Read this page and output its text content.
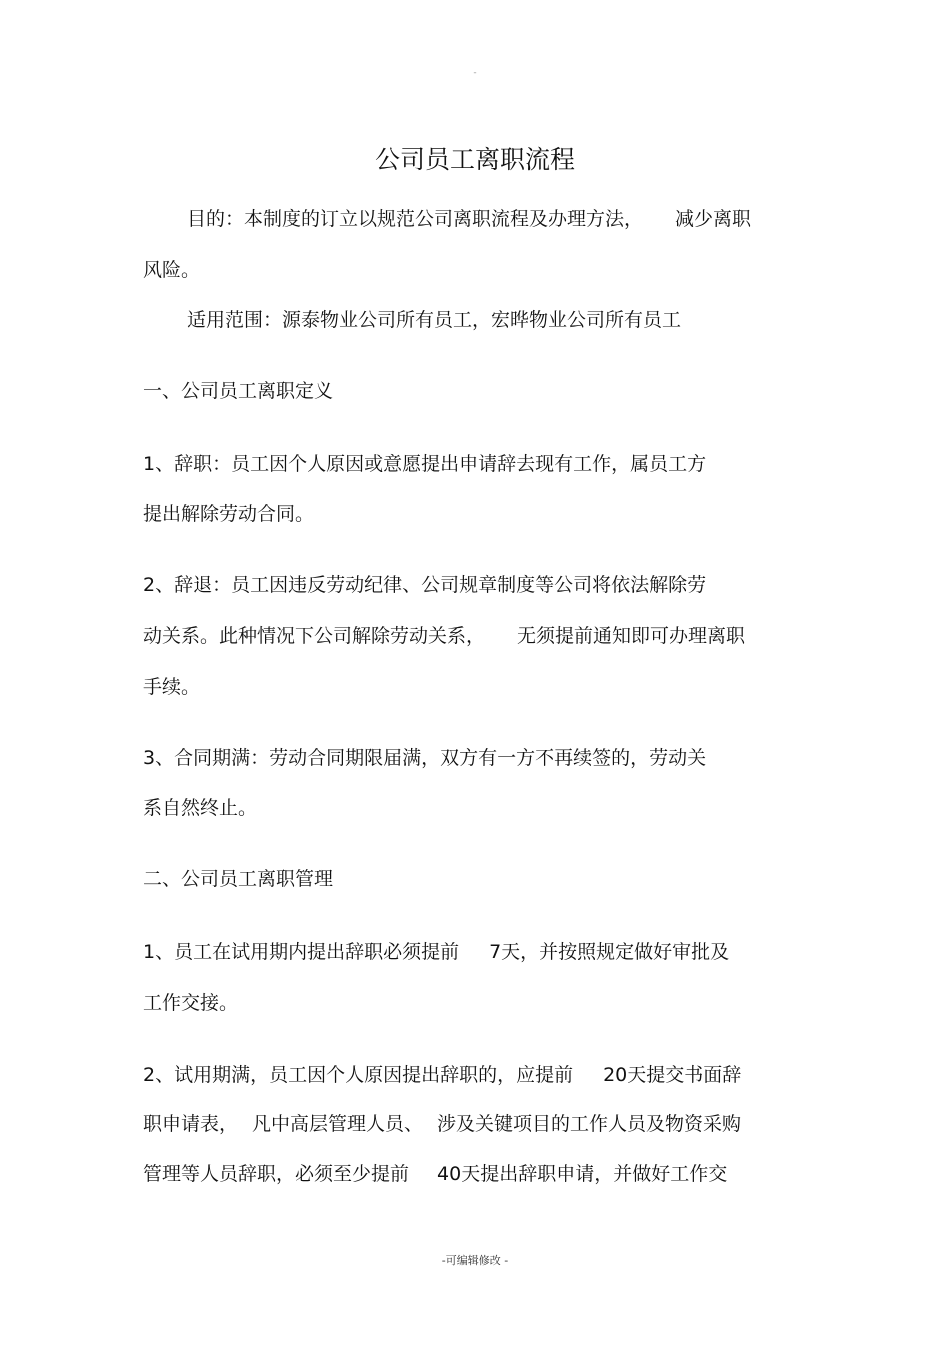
-
公司员工离职流程
目的：本制度的订立以规范公司离职流程及办理方法， 减少离职
风险。
适用范围：源泰物业公司所有员工，宏晔物业公司所有员工
一、公司员工离职定义
1、辞职：员工因个人原因或意愿提出申请辞去现有工作，属员工方
提出解除劳动合同。
2、辞退：员工因违反劳动纪律、公司规章制度等公司将依法解除劳
动关系。此种情况下公司解除劳动关系， 无须提前通知即可办理离职
手续。
3、合同期满：劳动合同期限届满，双方有一方不再续签的，劳动关
系自然终止。
二、公司员工离职管理
1、员工在试用期内提出辞职必须提前 7天，并按照规定做好审批及
工作交接。
2、试用期满，员工因个人原因提出辞职的，应提前 20天提交书面辞
职申请表， 凡中高层管理人员、 涉及关键项目的工作人员及物资采购
管理等人员辞职，必须至少提前 40天提出辞职申请，并做好工作交
-可编辑修改 -
